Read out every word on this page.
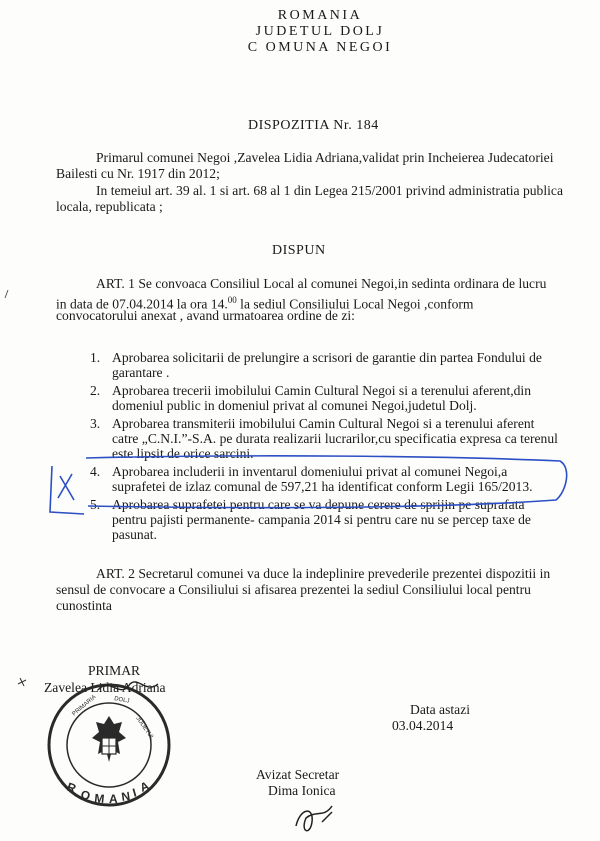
ROMANIA
JUDETUL DOLJ
C OMUNA NEGOI
DISPOZITIA Nr. 184
Primarul comunei Negoi ,Zavelea Lidia Adriana,validat prin Incheierea Judecatoriei
Bailesti cu Nr. 1917 din 2012;
In temeiul art. 39 al. 1 si art. 68 al 1 din Legea 215/2001 privind administratia publica
locala, republicata ;
DISPUN
ART. 1 Se convoaca Consiliul Local al comunei Negoi,in sedinta ordinara de lucru
in data de 07.04.2014 la ora 14.00 la sediul Consiliului Local Negoi ,conform
convocatorului anexat , avand urmatoarea ordine de zi:
1. Aprobarea solicitarii de prelungire a scrisori de garantie din partea Fondului de
garantare .
2. Aprobarea trecerii imobilului Camin Cultural Negoi si a terenului aferent,din
domeniul public in domeniul privat al comunei Negoi,judetul Dolj.
3. Aprobarea transmiterii imobilului Camin Cultural Negoi si a terenului aferent
catre „C.N.I.”-S.A. pe durata realizarii lucrarilor,cu specificatia expresa ca terenul
este lipsit de orice sarcini.
4. Aprobarea includerii in inventarul domeniului privat al comunei Negoi,a
suprafetei de izlaz comunal de 597,21 ha identificat conform Legii 165/2013.
5. Aprobarea suprafetei pentru care se va depune cerere de sprijin pe suprafata
pentru pajisti permanente- campania 2014 si pentru care nu se percep taxe de
pasunat.
ART. 2 Secretarul comunei va duce la indeplinire prevederile prezentei dispozitii in
sensul de convocare a Consiliului si afisarea prezentei la sediul Consiliului local pentru
cunostinta
PRIMAR
Zavelea Lidia Adriana
Data astazi
03.04.2014
Avizat Secretar
Dima Ionica
R O M A N I A
PRIMARIA	DOLJ
JUDETUL
